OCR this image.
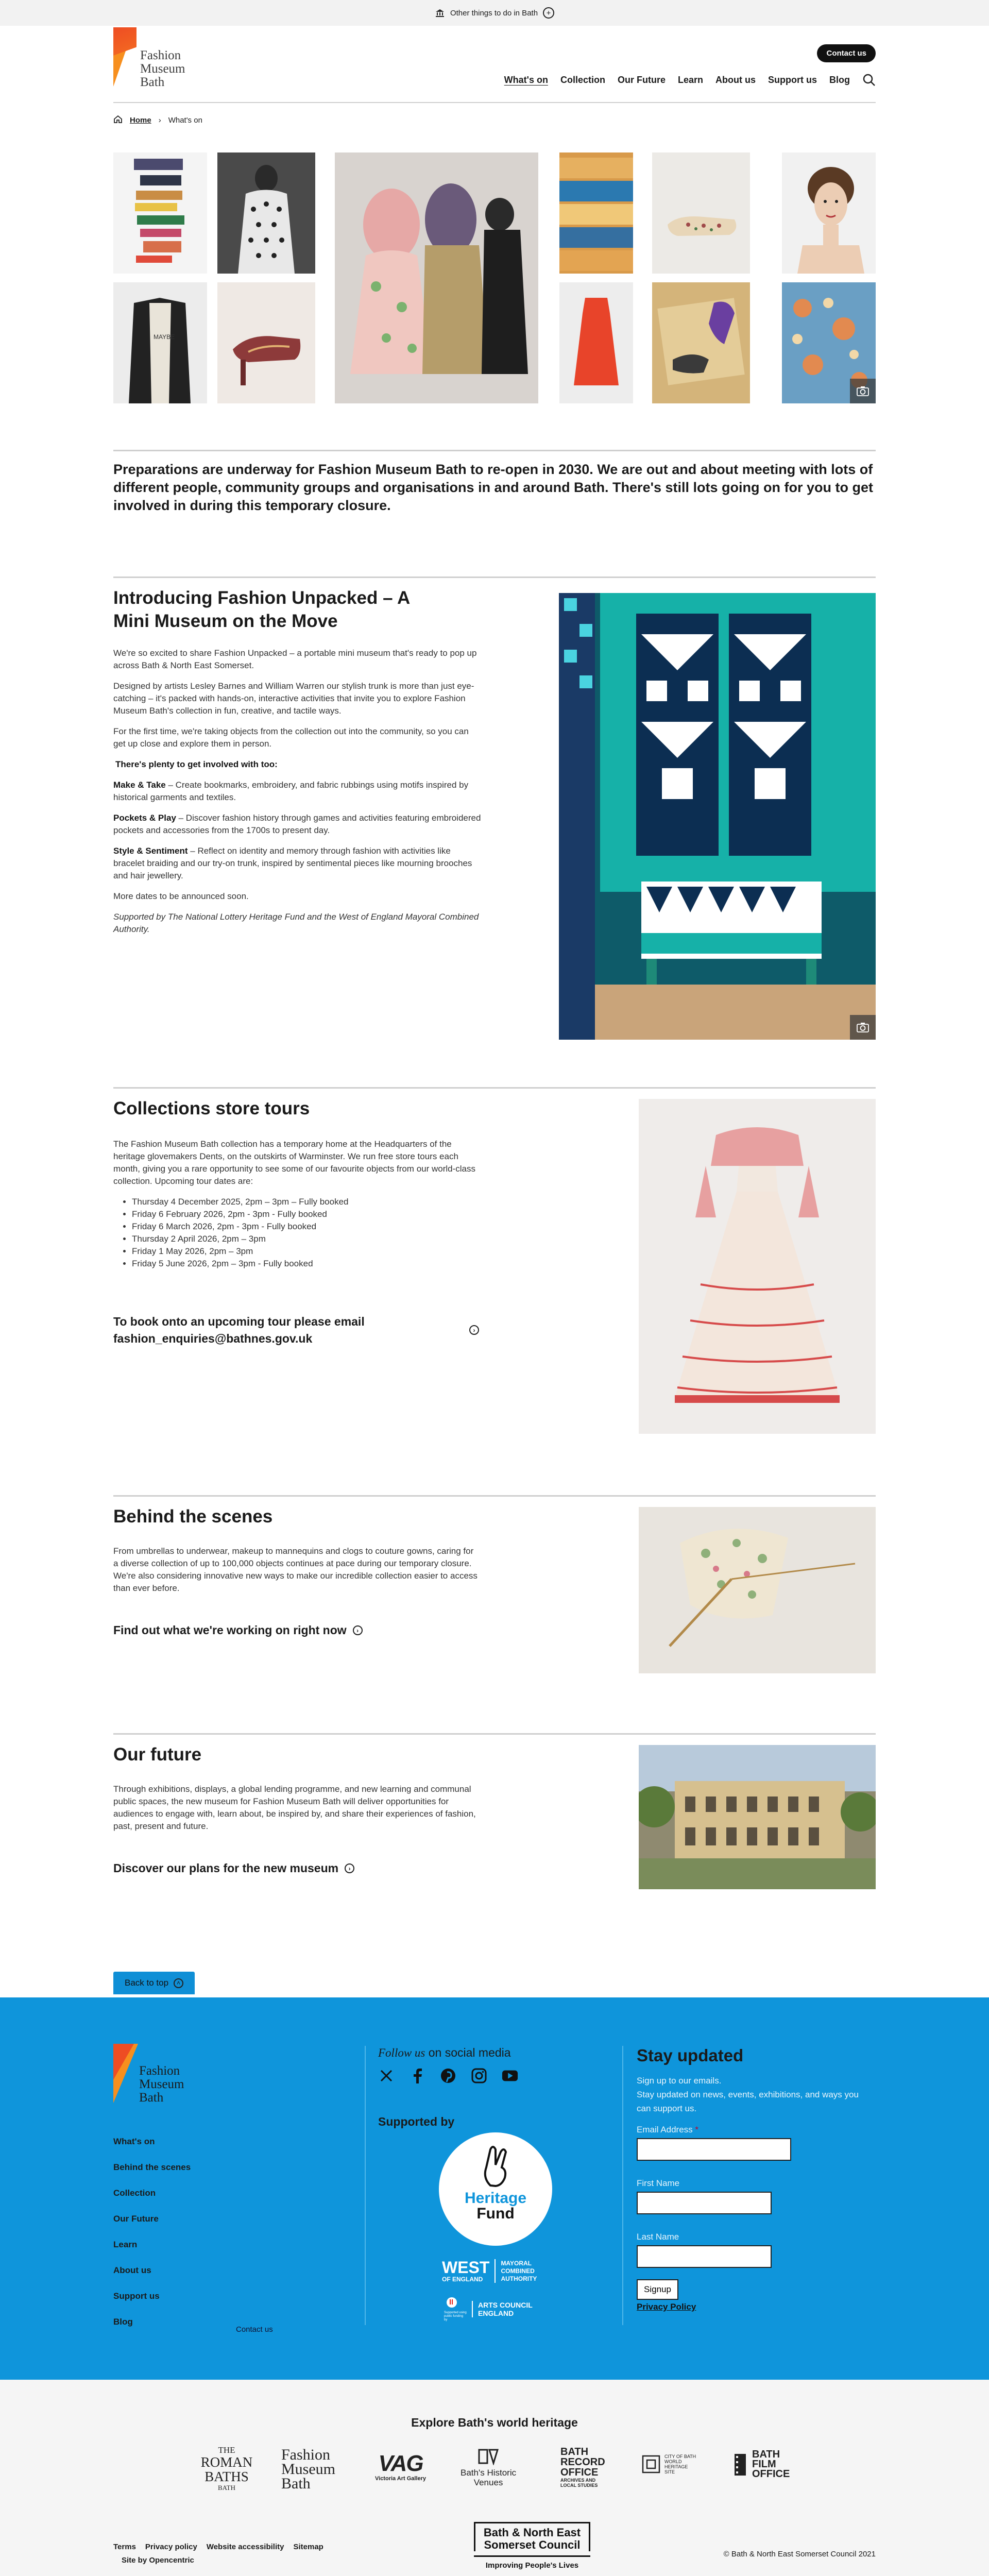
Other things to do in Bath	+
Fashion
Museum
Bath
Contact us
What's on Collection Our Future Learn About us Support us Blog
Home › What's on
MAYBE
Preparations are underway for Fashion Museum Bath to re-open in 2030. We are out and about meeting with lots of different people, community groups and organisations in and around Bath. There's still lots going on for you to get involved in during this temporary closure.
Introducing Fashion Unpacked – A Mini Museum on the Move

We're so excited to share Fashion Unpacked – a portable mini museum that's ready to pop up across Bath & North East Somerset.

Designed by artists Lesley Barnes and William Warren our stylish trunk is more than just eye-catching – it's packed with hands-on, interactive activities that invite you to explore Fashion Museum Bath's collection in fun, creative, and tactile ways.

For the first time, we're taking objects from the collection out into the community, so you can get up close and explore them in person.

There's plenty to get involved with too:

Make & Take – Create bookmarks, embroidery, and fabric rubbings using motifs inspired by historical garments and textiles.

Pockets & Play – Discover fashion history through games and activities featuring embroidered pockets and accessories from the 1700s to present day.

Style & Sentiment – Reflect on identity and memory through fashion with activities like bracelet braiding and our try-on trunk, inspired by sentimental pieces like mourning brooches and hair jewellery.

More dates to be announced soon.

Supported by The National Lottery Heritage Fund and the West of England Mayoral Combined Authority.

Collections store tours

The Fashion Museum Bath collection has a temporary home at the Headquarters of the heritage glovemakers Dents, on the outskirts of Warminster. We run free store tours each month, giving you a rare opportunity to see some of our favourite objects from our world-class collection. Upcoming tour dates are:

• Thursday 4 December 2025, 2pm – 3pm – Fully booked
• Friday 6 February 2026, 2pm - 3pm - Fully booked
• Friday 6 March 2026, 2pm - 3pm - Fully booked
• Thursday 2 April 2026, 2pm – 3pm
• Friday 1 May 2026, 2pm – 3pm
• Friday 5 June 2026, 2pm – 3pm - Fully booked
To book onto an upcoming tour please email
fashion_enquiries@bathnes.gov.uk
›
Behind the scenes

From umbrellas to underwear, makeup to mannequins and clogs to couture gowns, caring for a diverse collection of up to 100,000 objects continues at pace during our temporary closure. We're also considering innovative new ways to make our incredible collection easier to access than ever before.

Find out what we're working on right now	›
Our future

Through exhibitions, displays, a global lending programme, and new learning and communal public spaces, the new museum for Fashion Museum Bath will deliver opportunities for audiences to engage with, learn about, be inspired by, and share their experiences of fashion, past, present and future.

Discover our plans for the new museum	›
Back to top	˄
Fashion
Museum
Bath
What's on
Behind the scenes
Collection
Our Future
Learn
About us
Support us
Blog
Contact us
Follow us on social media
Supported by
Heritage
Fund
WEST
OF ENGLAND
MAYORAL
COMBINED
AUTHORITY
Supported using public funding by
ARTS COUNCIL
ENGLAND
Stay updated
Sign up to our emails.
Stay updated on news, events, exhibitions, and ways you can support us.
Email Address *
First Name
Last Name
Signup
Privacy Policy
Explore Bath's world heritage
THE
ROMAN
BATHS
BATH
Fashion
Museum
Bath
VAG
Victoria Art Gallery
Bath's Historic
Venues
BATH
RECORD
OFFICE
ARCHIVES AND
LOCAL STUDIES
CITY OF BATH
WORLD
HERITAGE
SITE
BATH
FILM
OFFICE
Terms Privacy policy Website accessibility Sitemap
Site by Opencentric
Bath & North East
Somerset Council
Improving People's Lives
© Bath & North East Somerset Council 2021
